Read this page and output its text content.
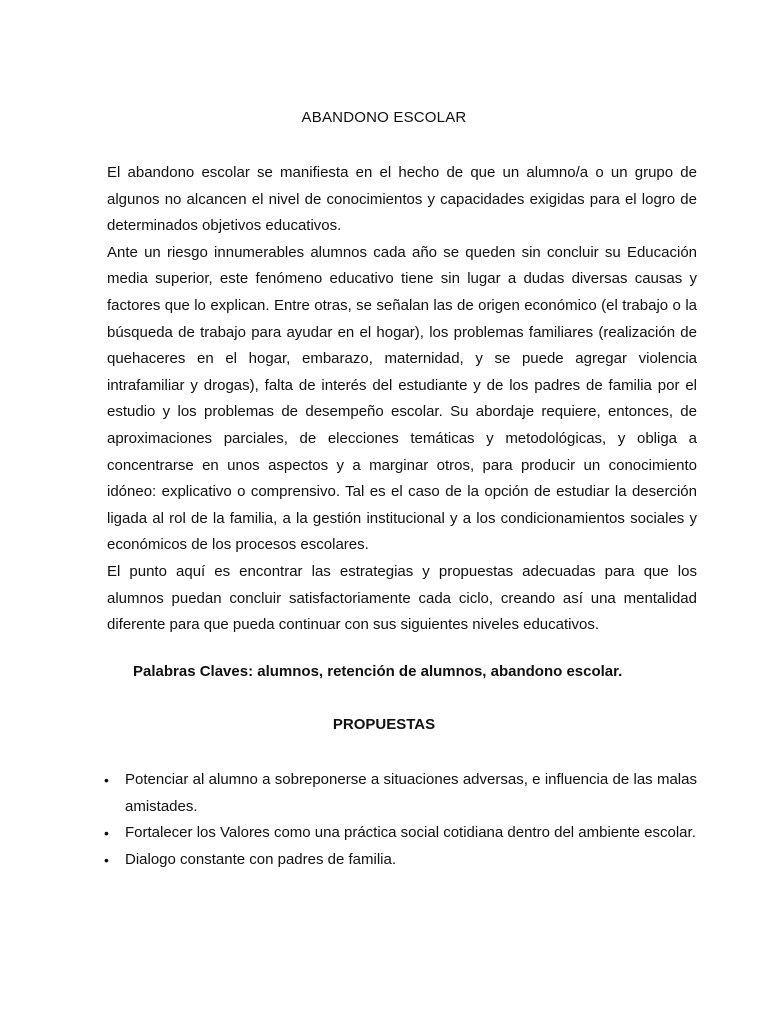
ABANDONO ESCOLAR

El abandono escolar se manifiesta en el hecho de que un alumno/a o un grupo de algunos no alcancen el nivel de conocimientos y capacidades exigidas para el logro de determinados objetivos educativos.

Ante un riesgo innumerables alumnos cada año se queden sin concluir su Educación media superior, este fenómeno educativo tiene sin lugar a dudas diversas causas y factores que lo explican. Entre otras, se señalan las de origen económico (el trabajo o la búsqueda de trabajo para ayudar en el hogar), los problemas familiares (realización de quehaceres en el hogar, embarazo, maternidad, y se puede agregar violencia intrafamiliar y drogas), falta de interés del estudiante y de los padres de familia por el estudio y los problemas de desempeño escolar. Su abordaje requiere, entonces, de aproximaciones parciales, de elecciones temáticas y metodológicas, y obliga a concentrarse en unos aspectos y a marginar otros, para producir un conocimiento idóneo: explicativo o comprensivo. Tal es el caso de la opción de estudiar la deserción ligada al rol de la familia, a la gestión institucional y a los condicionamientos sociales y económicos de los procesos escolares.

El punto aquí es encontrar las estrategias y propuestas adecuadas para que los alumnos puedan concluir satisfactoriamente cada ciclo, creando así una mentalidad diferente para que pueda continuar con sus siguientes niveles educativos.

Palabras Claves: alumnos, retención de alumnos, abandono escolar.
PROPUESTAS
• Potenciar al alumno a sobreponerse a situaciones adversas, e influencia de las malas amistades.
• Fortalecer los Valores como una práctica social cotidiana dentro del ambiente escolar.
• Dialogo constante con padres de familia.
